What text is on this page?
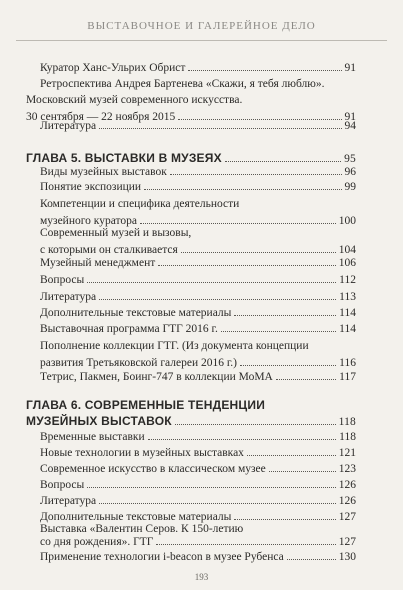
ВЫСТАВОЧНОЕ И ГАЛЕРЕЙНОЕ ДЕЛО
Куратор Ханс-Ульрих Обрист	91
Ретроспектива Андрея Бартенева «Скажи, я тебя люблю».
Московский музей современного искусства.
30 сентября — 22 ноября 2015	91
Литература	94
ГЛАВА 5. ВЫСТАВКИ В МУЗЕЯХ	95
Виды музейных выставок	96
Понятие экспозиции	99
Компетенции и специфика деятельности
музейного куратора	100
Современный музей и вызовы,
с которыми он сталкивается	104
Музейный менеджмент	106
Вопросы	112
Литература	113
Дополнительные текстовые материалы	114
Выставочная программа ГТГ 2016 г.	114
Пополнение коллекции ГТГ. (Из документа концепции
развития Третьяковской галереи 2016 г.)	116
Тетрис, Пакмен, Боинг-747 в коллекции МоМА	117
ГЛАВА 6. СОВРЕМЕННЫЕ ТЕНДЕНЦИИ
МУЗЕЙНЫХ ВЫСТАВОК	118
Временные выставки	118
Новые технологии в музейных выставках	121
Современное искусство в классическом музее	123
Вопросы	126
Литература	126
Дополнительные текстовые материалы	127
Выставка «Валентин Серов. К 150-летию
со дня рождения». ГТГ	127
Применение технологии i-beacon в музее Рубенса	130
193
